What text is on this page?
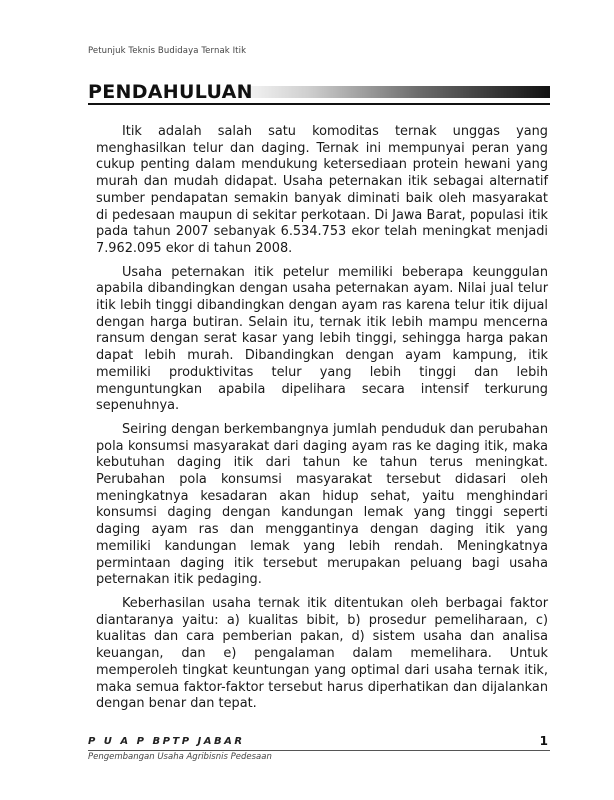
Petunjuk Teknis Budidaya Ternak Itik
PENDAHULUAN

Itik adalah salah satu komoditas ternak unggas yang menghasilkan telur dan daging. Ternak ini mempunyai peran yang cukup penting dalam mendukung ketersediaan protein hewani yang murah dan mudah didapat. Usaha peternakan itik sebagai alternatif sumber pendapatan semakin banyak diminati baik oleh masyarakat di pedesaan maupun di sekitar perkotaan. Di Jawa Barat, populasi itik pada tahun 2007 sebanyak 6.534.753 ekor telah meningkat menjadi 7.962.095 ekor di tahun 2008.

Usaha peternakan itik petelur memiliki beberapa keunggulan apabila dibandingkan dengan usaha peternakan ayam. Nilai jual telur itik lebih tinggi dibandingkan dengan ayam ras karena telur itik dijual dengan harga butiran. Selain itu, ternak itik lebih mampu mencerna ransum dengan serat kasar yang lebih tinggi, sehingga harga pakan dapat lebih murah. Dibandingkan dengan ayam kampung, itik memiliki produktivitas telur yang lebih tinggi dan lebih menguntungkan apabila dipelihara secara intensif terkurung sepenuhnya.

Seiring dengan berkembangnya jumlah penduduk dan perubahan pola konsumsi masyarakat dari daging ayam ras ke daging itik, maka kebutuhan daging itik dari tahun ke tahun terus meningkat. Perubahan pola konsumsi masyarakat tersebut didasari oleh meningkatnya kesadaran akan hidup sehat, yaitu menghindari konsumsi daging dengan kandungan lemak yang tinggi seperti daging ayam ras dan menggantinya dengan daging itik yang memiliki kandungan lemak yang lebih rendah. Meningkatnya permintaan daging itik tersebut merupakan peluang bagi usaha peternakan itik pedaging.

Keberhasilan usaha ternak itik ditentukan oleh berbagai faktor diantaranya yaitu: a) kualitas bibit, b) prosedur pemeliharaan, c) kualitas dan cara pemberian pakan, d) sistem usaha dan analisa keuangan, dan e) pengalaman dalam memelihara. Untuk memperoleh tingkat keuntungan yang optimal dari usaha ternak itik, maka semua faktor-faktor tersebut harus diperhatikan dan dijalankan dengan benar dan tepat.

P U A P BPTP JABAR	1
Pengembangan Usaha Agribisnis Pedesaan
